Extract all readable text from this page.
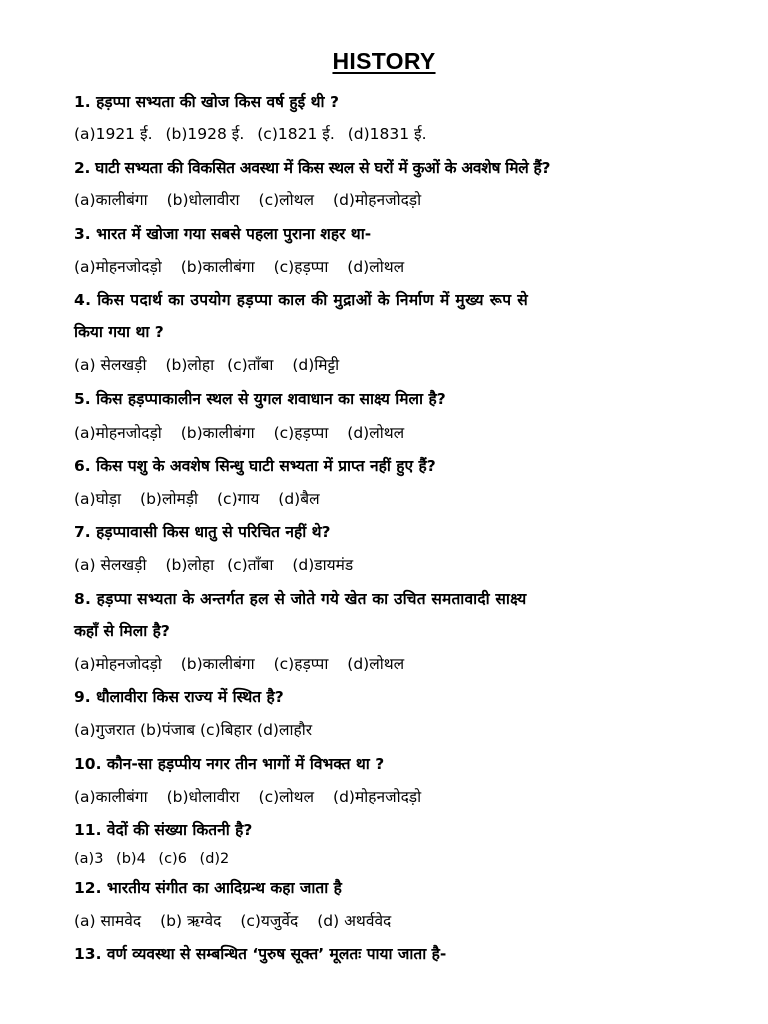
HISTORY
1. हड़प्पा सभ्यता की खोज किस वर्ष हुई थी ?
(a)1921 ई. (b)1928 ई. (c)1821 ई. (d)1831 ई.
2. घाटी सभ्यता की विकसित अवस्था में किस स्थल से घरों में कुओं के अवशेष मिले हैं?
(a)कालीबंगा (b)धोलावीरा (c)लोथल (d)मोहनजोदड़ो
3. भारत में खोजा गया सबसे पहला पुराना शहर था-
(a)मोहनजोदड़ो (b)कालीबंगा (c)हड़प्पा (d)लोथल
4. किस पदार्थ का उपयोग हड़प्पा काल की मुद्राओं के निर्माण में मुख्य रूप से
किया गया था ?
(a) सेलखड़ी (b)लोहा (c)ताँबा (d)मिट्टी
5. किस हड़प्पाकालीन स्थल से युगल शवाधान का साक्ष्य मिला है?
(a)मोहनजोदड़ो (b)कालीबंगा (c)हड़प्पा (d)लोथल
6. किस पशु के अवशेष सिन्धु घाटी सभ्यता में प्राप्त नहीं हुए हैं?
(a)घोड़ा (b)लोमड़ी (c)गाय (d)बैल
7. हड़प्पावासी किस धातु से परिचित नहीं थे?
(a) सेलखड़ी (b)लोहा (c)ताँबा (d)डायमंड
8. हड़प्पा सभ्यता के अन्तर्गत हल से जोते गये खेत का उचित समतावादी साक्ष्य
कहाँ से मिला है?
(a)मोहनजोदड़ो (b)कालीबंगा (c)हड़प्पा (d)लोथल
9. धौलावीरा किस राज्य में स्थित है?
(a)गुजरात (b)पंजाब (c)बिहार (d)लाहौर
10. कौन-सा हड़प्पीय नगर तीन भागों में विभक्त था ?
(a)कालीबंगा (b)धोलावीरा (c)लोथल (d)मोहनजोदड़ो
11. वेदों की संख्या कितनी है?
(a)3 (b)4 (c)6 (d)2
12. भारतीय संगीत का आदिग्रन्थ कहा जाता है
(a) सामवेद (b) ऋग्वेद (c)यजुर्वेद (d) अथर्ववेद
13. वर्ण व्यवस्था से सम्बन्धित ‘पुरुष सूक्त’ मूलतः पाया जाता है-
